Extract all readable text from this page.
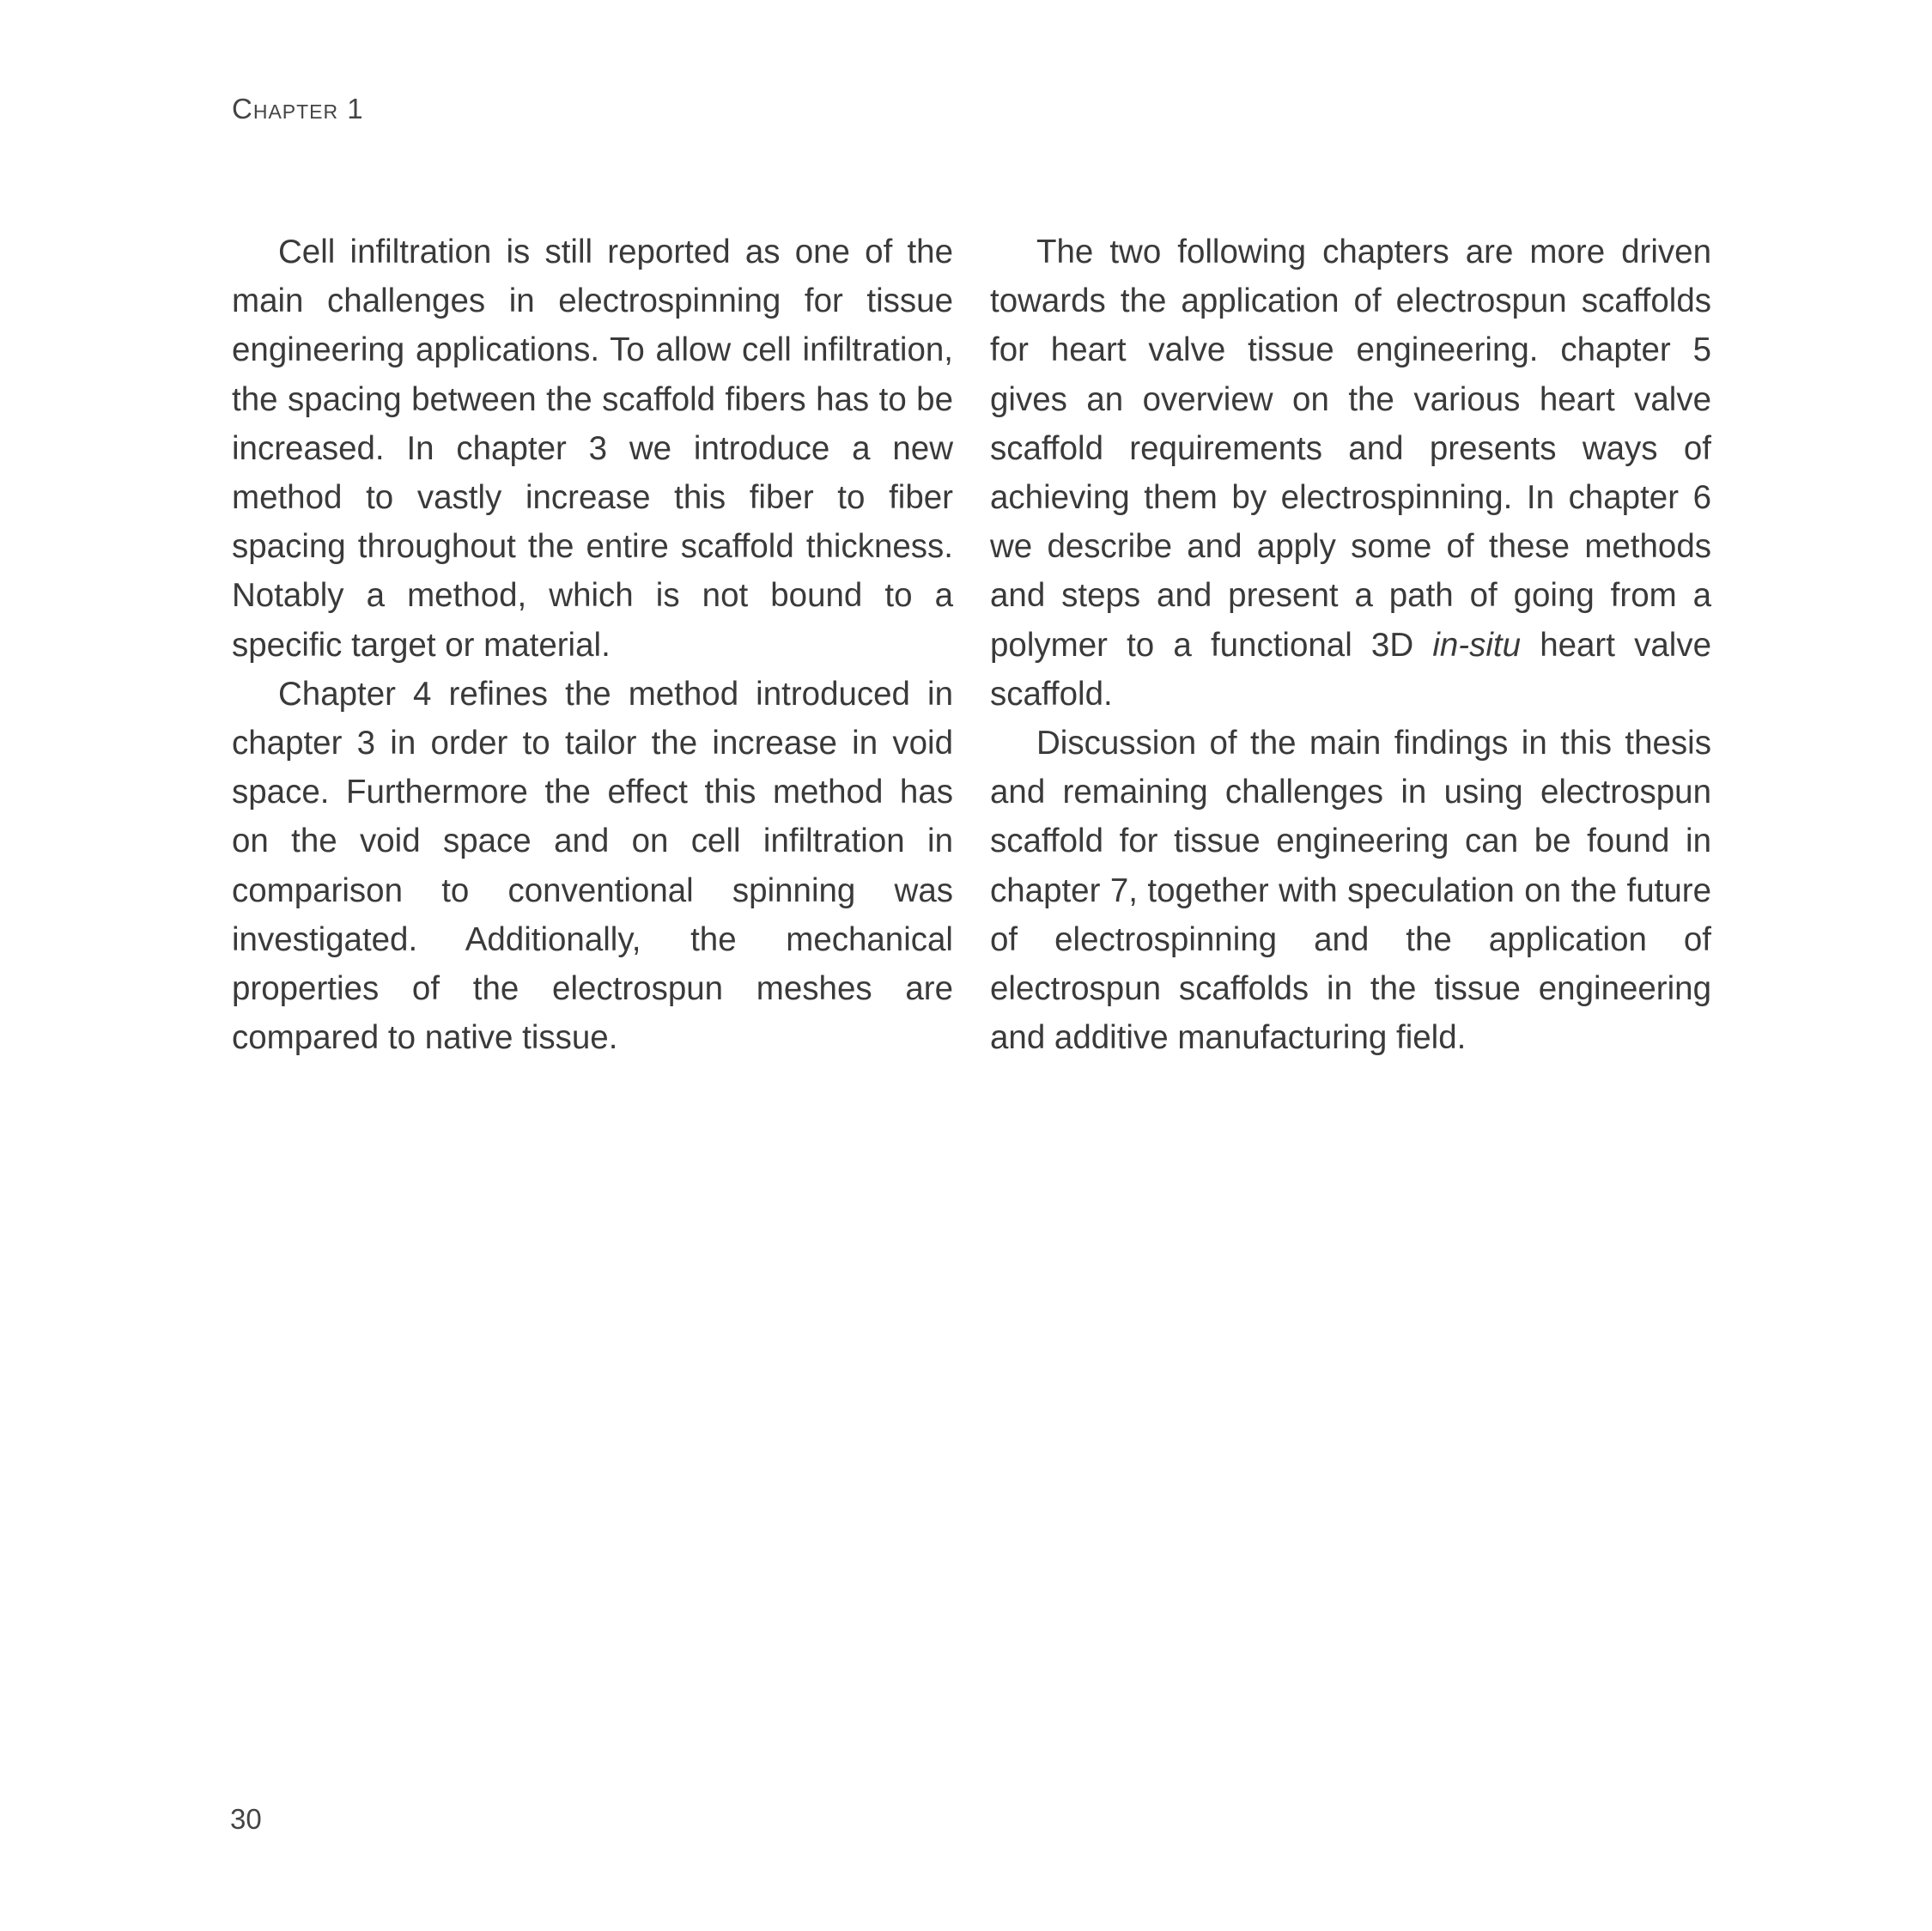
Chapter 1

Cell infiltration is still reported as one of the main challenges in electrospinning for tissue engineering applications. To allow cell infiltration, the spacing between the scaffold fibers has to be increased. In chapter 3 we introduce a new method to vastly increase this fiber to fiber spacing throughout the entire scaffold thickness. Notably a method, which is not bound to a specific target or material.

Chapter 4 refines the method introduced in chapter 3 in order to tailor the increase in void space. Furthermore the effect this method has on the void space and on cell infiltration in comparison to conventional spinning was investigated. Additionally, the mechanical properties of the electrospun meshes are compared to native tissue.

The two following chapters are more driven towards the application of electrospun scaffolds for heart valve tissue engineering. chapter 5 gives an overview on the various heart valve scaffold requirements and presents ways of achieving them by electrospinning. In chapter 6 we describe and apply some of these methods and steps and present a path of going from a polymer to a functional 3D in-situ heart valve scaffold.

Discussion of the main findings in this thesis and remaining challenges in using electrospun scaffold for tissue engineering can be found in chapter 7, together with speculation on the future of electrospinning and the application of electrospun scaffolds in the tissue engineering and additive manufacturing field.

30
